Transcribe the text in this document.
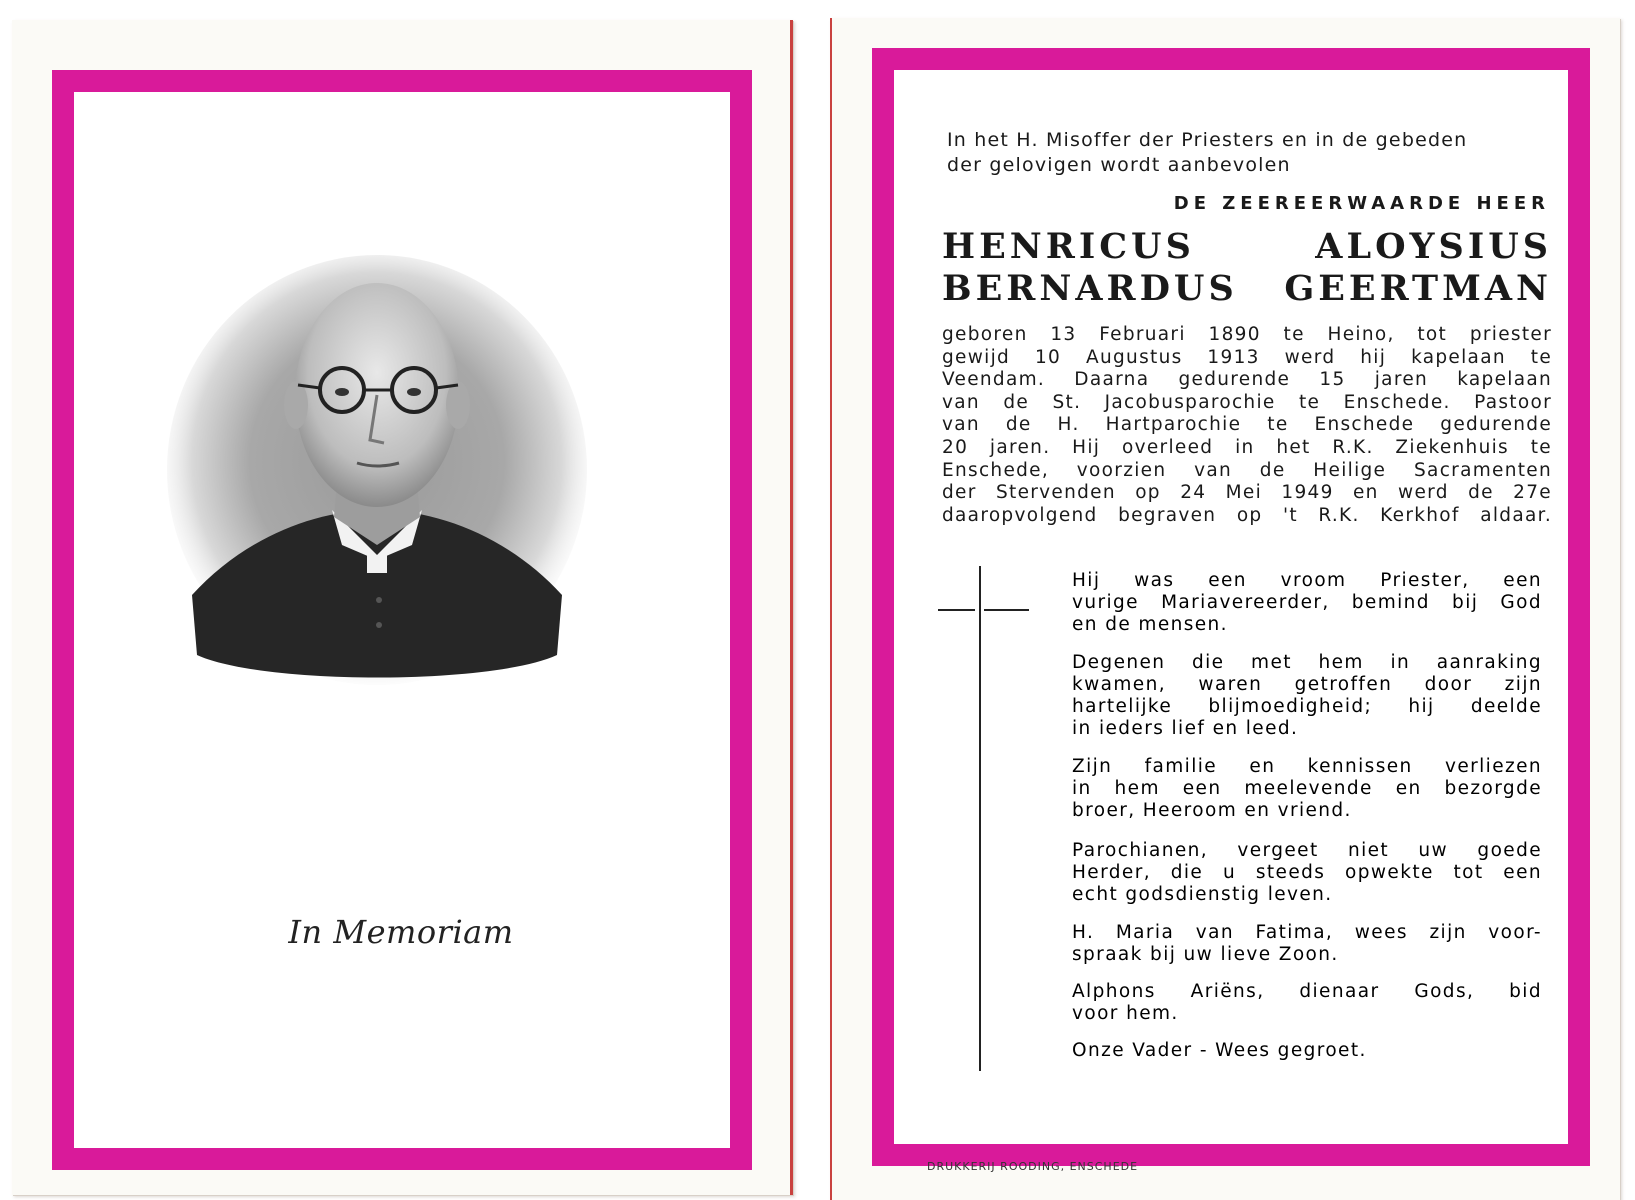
In Memoriam
In het H. Misoffer der Priesters en in de gebeden
der gelovigen wordt aanbevolen
DE ZEEREERWAARDE HEER
HENRICUS ALOYSIUS
BERNARDUS GEERTMAN
geboren 13 Februari 1890 te Heino, tot priester
gewijd 10 Augustus 1913 werd hij kapelaan te
Veendam. Daarna gedurende 15 jaren kapelaan
van de St. Jacobusparochie te Enschede. Pastoor
van de H. Hartparochie te Enschede gedurende
20 jaren. Hij overleed in het R.K. Ziekenhuis te
Enschede, voorzien van de Heilige Sacramenten
der Stervenden op 24 Mei 1949 en werd de 27e
daaropvolgend begraven op 't R.K. Kerkhof aldaar.
Hij was een vroom Priester, een
vurige Mariavereerder, bemind bij God
en de mensen.
Degenen die met hem in aanraking
kwamen, waren getroffen door zijn
hartelijke blijmoedigheid; hij deelde
in ieders lief en leed.
Zijn familie en kennissen verliezen
in hem een meelevende en bezorgde
broer, Heeroom en vriend.
Parochianen, vergeet niet uw goede
Herder, die u steeds opwekte tot een
echt godsdienstig leven.
H. Maria van Fatima, wees zijn voor-
spraak bij uw lieve Zoon.
Alphons Ariëns, dienaar Gods, bid
voor hem.
Onze Vader - Wees gegroet.
DRUKKERIJ ROODING, ENSCHEDE
